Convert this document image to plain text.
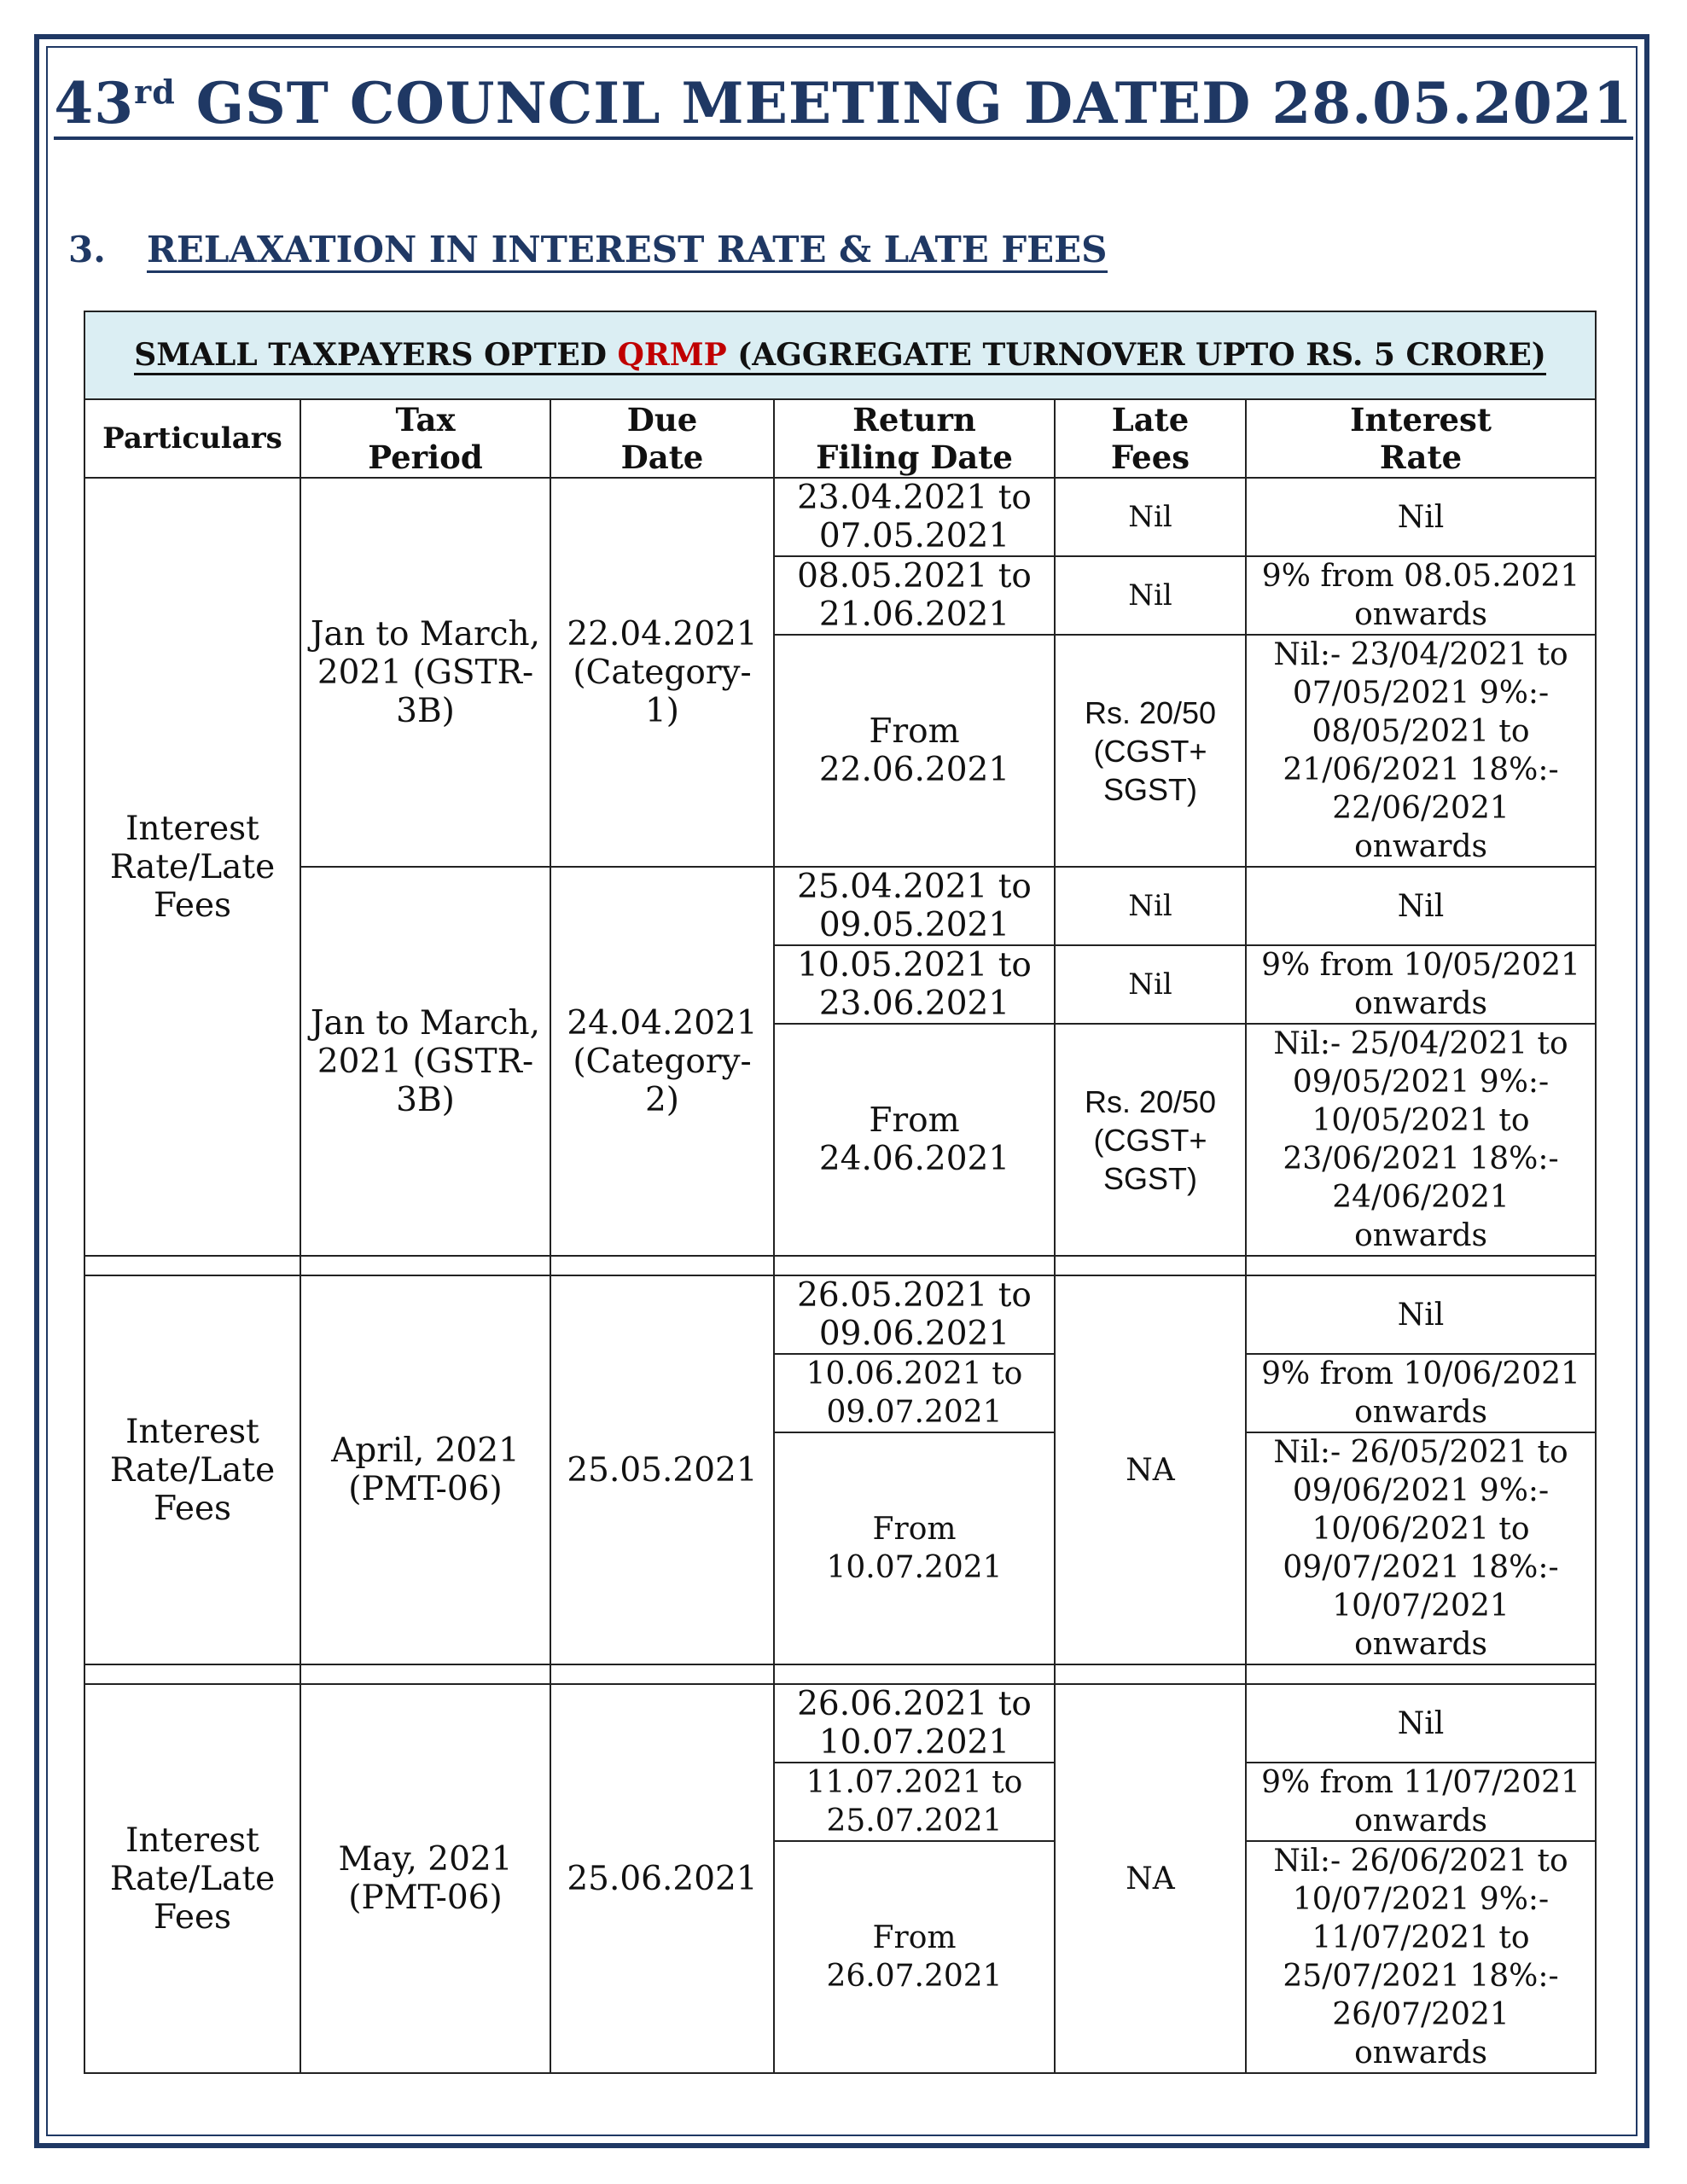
43rd GST COUNCIL MEETING DATED 28.05.2021
3. RELAXATION IN INTEREST RATE & LATE FEES
SMALL TAXPAYERS OPTED QRMP (AGGREGATE TURNOVER UPTO RS. 5 CRORE)					
Particulars	Tax Period	Due Date	Return Filing Date	Late Fees	Interest Rate
Interest Rate/Late Fees	Jan to March, 2021 (GSTR-3B)	22.04.2021 (Category-1)	23.04.2021 to 07.05.2021	Nil	Nil
			08.05.2021 to 21.06.2021	Nil	9% from 08.05.2021 onwards
			From 22.06.2021	Rs. 20/50 (CGST+ SGST)	Nil:- 23/04/2021 to 07/05/2021 9%:- 08/05/2021 to 21/06/2021 18%:- 22/06/2021 onwards
	Jan to March, 2021 (GSTR-3B)	24.04.2021 (Category-2)	25.04.2021 to 09.05.2021	Nil	Nil
			10.05.2021 to 23.06.2021	Nil	9% from 10/05/2021 onwards
			From 24.06.2021	Rs. 20/50 (CGST+ SGST)	Nil:- 25/04/2021 to 09/05/2021 9%:- 10/05/2021 to 23/06/2021 18%:- 24/06/2021 onwards

Interest Rate/Late Fees	April, 2021 (PMT-06)	25.05.2021	26.05.2021 to 09.06.2021	NA	Nil
			10.06.2021 to 09.07.2021		9% from 10/06/2021 onwards
			From 10.07.2021		Nil:- 26/05/2021 to 09/06/2021 9%:- 10/06/2021 to 09/07/2021 18%:- 10/07/2021 onwards

Interest Rate/Late Fees	May, 2021 (PMT-06)	25.06.2021	26.06.2021 to 10.07.2021	NA	Nil
			11.07.2021 to 25.07.2021		9% from 11/07/2021 onwards
			From 26.07.2021		Nil:- 26/06/2021 to 10/07/2021 9%:- 11/07/2021 to 25/07/2021 18%:- 26/07/2021 onwards
